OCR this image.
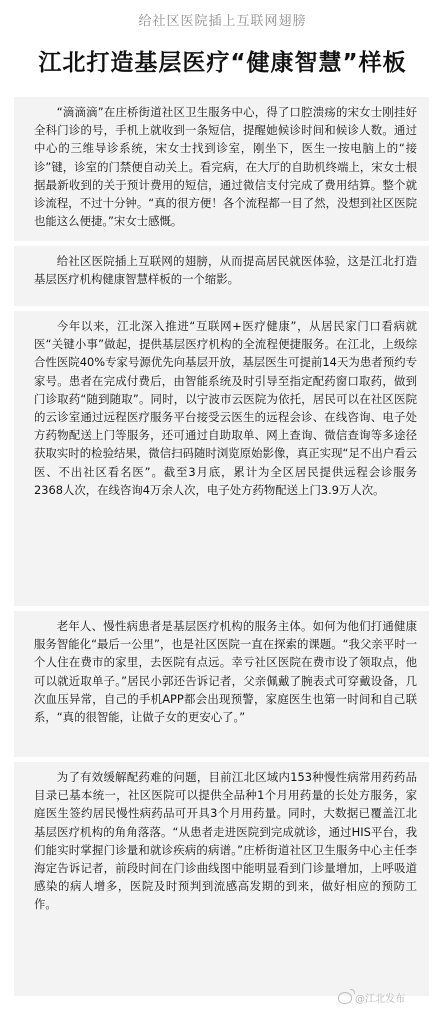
给社区医院插上互联网翅膀
江北打造基层医疗“健康智慧”样板

“滴滴滴”在庄桥街道社区卫生服务中心，得了口腔溃疡的宋女士刚挂好全科门诊的号，手机上就收到一条短信，提醒她候诊时间和候诊人数。通过中心的三维导诊系统，宋女士找到诊室，刚坐下，医生一按电脑上的“接诊”键，诊室的门禁便自动关上。看完病，在大厅的自助机终端上，宋女士根据最新收到的关于预计费用的短信，通过微信支付完成了费用结算。整个就诊流程，不过十分钟。“真的很方便！各个流程都一目了然，没想到社区医院也能这么便捷。”宋女士感慨。

给社区医院插上互联网的翅膀，从而提高居民就医体验，这是江北打造基层医疗机构健康智慧样板的一个缩影。

今年以来，江北深入推进“互联网+医疗健康”，从居民家门口看病就医“关键小事”做起，提供基层医疗机构的全流程便捷服务。在江北，上级综合性医院40%专家号源优先向基层开放，基层医生可提前14天为患者预约专家号。患者在完成付费后，由智能系统及时引导至指定配药窗口取药，做到门诊取药“随到随取”。同时，以宁波市云医院为依托，居民可以在社区医院的云诊室通过远程医疗服务平台接受云医生的远程会诊、在线咨询、电子处方药物配送上门等服务，还可通过自助取单、网上查询、微信查询等多途径获取实时的检验结果，微信扫码随时浏览原始影像，真正实现“足不出户看云医、不出社区看名医”。截至3月底，累计为全区居民提供远程会诊服务2368人次，在线咨询4万余人次，电子处方药物配送上门3.9万人次。

老年人、慢性病患者是基层医疗机构的服务主体。如何为他们打通健康服务智能化“最后一公里”，也是社区医院一直在探索的课题。“我父亲平时一个人住在费市的家里，去医院有点远。幸亏社区医院在费市设了领取点，他可以就近取单子。”居民小郭还告诉记者，父亲佩戴了腕表式可穿戴设备，几次血压异常，自己的手机APP都会出现预警，家庭医生也第一时间和自己联系，“真的很智能，让做子女的更安心了。”

为了有效缓解配药难的问题，目前江北区域内153种慢性病常用药药品目录已基本统一，社区医院可以提供全品种1个月用药量的长处方服务，家庭医生签约居民慢性病药品可开具3个月用药量。同时，大数据已覆盖江北基层医疗机构的角角落落。“从患者走进医院到完成就诊，通过HIS平台，我们能实时掌握门诊量和就诊疾病的病谱。”庄桥街道社区卫生服务中心主任李海定告诉记者，前段时间在门诊曲线图中能明显看到门诊量增加，上呼吸道感染的病人增多，医院及时预判到流感高发期的到来，做好相应的预防工作。

@江北发布
